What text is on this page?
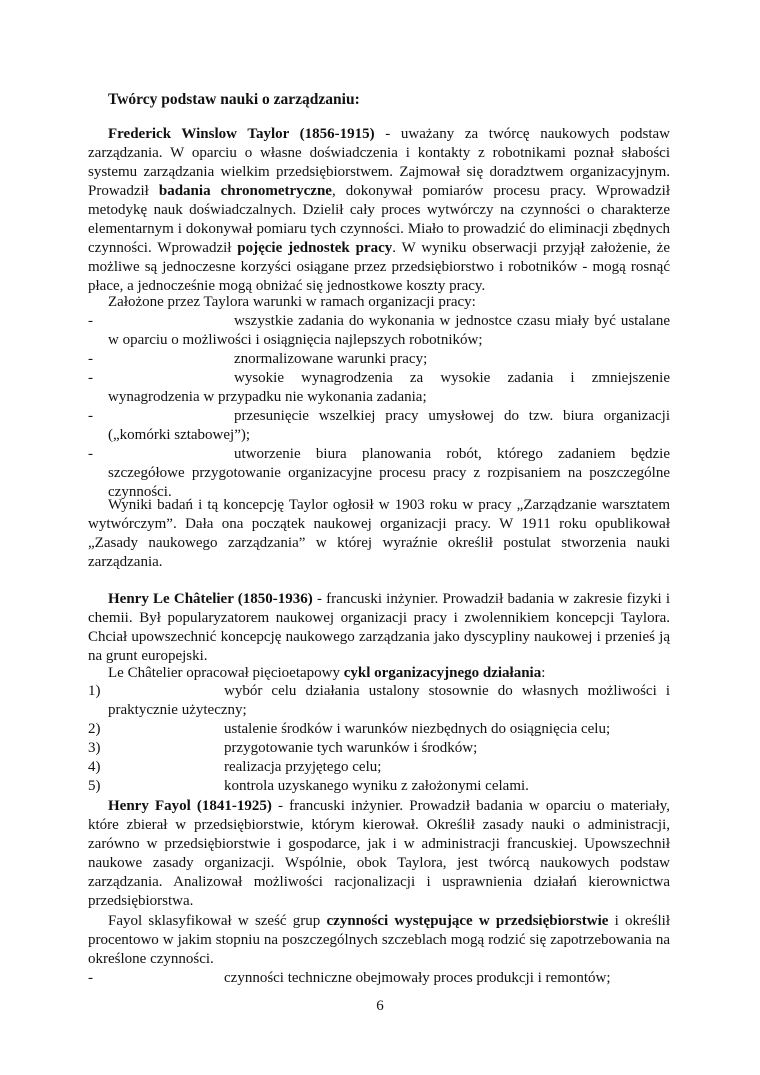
Twórcy podstaw nauki o zarządzaniu:
Frederick Winslow Taylor (1856-1915) - uważany za twórcę naukowych podstaw zarządzania. W oparciu o własne doświadczenia i kontakty z robotnikami poznał słabości systemu zarządzania wielkim przedsiębiorstwem. Zajmował się doradztwem organizacyjnym. Prowadził badania chronometryczne, dokonywał pomiarów procesu pracy. Wprowadził metodykę nauk doświadczalnych. Dzielił cały proces wytwórczy na czynności o charakterze elementarnym i dokonywał pomiaru tych czynności. Miało to prowadzić do eliminacji zbędnych czynności. Wprowadził pojęcie jednostek pracy. W wyniku obserwacji przyjął założenie, że możliwe są jednoczesne korzyści osiągane przez przedsiębiorstwo i robotników - mogą rosnąć płace, a jednocześnie mogą obniżać się jednostkowe koszty pracy.
Założone przez Taylora warunki w ramach organizacji pracy:
-	wszystkie zadania do wykonania w jednostce czasu miały być ustalane w oparciu o możliwości i osiągnięcia najlepszych robotników;
-	znormalizowane warunki pracy;
-	wysokie wynagrodzenia za wysokie zadania i zmniejszenie wynagrodzenia w przypadku nie wykonania zadania;
-	przesunięcie wszelkiej pracy umysłowej do tzw. biura organizacji („komórki sztabowej”);
-	utworzenie biura planowania robót, którego zadaniem będzie szczegółowe przygotowanie organizacyjne procesu pracy z rozpisaniem na poszczególne czynności.
Wyniki badań i tą koncepcję Taylor ogłosił w 1903 roku w pracy „Zarządzanie warsztatem wytwórczym”. Dała ona początek naukowej organizacji pracy. W 1911 roku opublikował „Zasady naukowego zarządzania” w której wyraźnie określił postulat stworzenia nauki zarządzania.
Henry Le Châtelier (1850-1936) - francuski inżynier. Prowadził badania w zakresie fizyki i chemii. Był popularyzatorem naukowej organizacji pracy i zwolennikiem koncepcji Taylora. Chciał upowszechnić koncepcję naukowego zarządzania jako dyscypliny naukowej i przenieś ją na grunt europejski.
Le Châtelier opracował pięcioetapowy cykl organizacyjnego działania:
1)	wybór celu działania ustalony stosownie do własnych możliwości i praktycznie użyteczny;
2)	ustalenie środków i warunków niezbędnych do osiągnięcia celu;
3)	przygotowanie tych warunków i środków;
4)	realizacja przyjętego celu;
5)	kontrola uzyskanego wyniku z założonymi celami.
Henry Fayol (1841-1925) - francuski inżynier. Prowadził badania w oparciu o materiały, które zbierał w przedsiębiorstwie, którym kierował. Określił zasady nauki o administracji, zarówno w przedsiębiorstwie i gospodarce, jak i w administracji francuskiej. Upowszechnił naukowe zasady organizacji. Wspólnie, obok Taylora, jest twórcą naukowych podstaw zarządzania. Analizował możliwości racjonalizacji i usprawnienia działań kierownictwa przedsiębiorstwa.
Fayol sklasyfikował w sześć grup czynności występujące w przedsiębiorstwie i określił procentowo w jakim stopniu na poszczególnych szczeblach mogą rodzić się zapotrzebowania na określone czynności.
-	czynności techniczne obejmowały proces produkcji i remontów;
6
